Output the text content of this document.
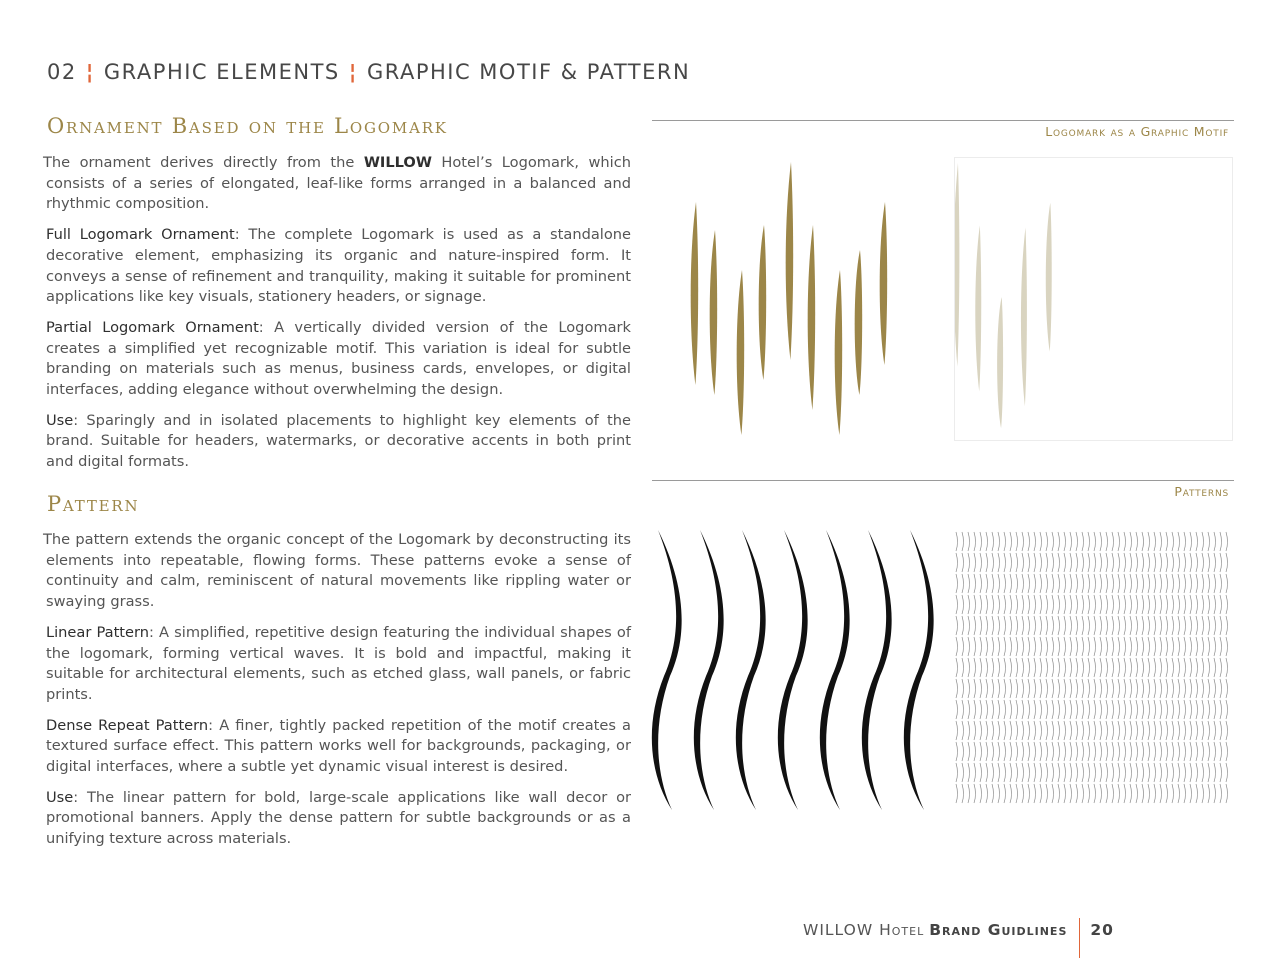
02 ¦ GRAPHIC ELEMENTS ¦ GRAPHIC MOTIF & PATTERN
Ornament Based on the Logomark

The ornament derives directly from the WILLOW Hotel’s Logomark, which consists of a series of elongated, leaf-like forms arranged in a balanced and rhythmic composition.

Full Logomark Ornament: The complete Logomark is used as a standalone decorative element, emphasizing its organic and nature-inspired form. It conveys a sense of refinement and tranquility, making it suitable for prominent applications like key visuals, stationery headers, or signage.

Partial Logomark Ornament: A vertically divided version of the Logomark creates a simplified yet recognizable motif. This variation is ideal for subtle branding on materials such as menus, business cards, envelopes, or digital interfaces, adding elegance without overwhelming the design.

Use: Sparingly and in isolated placements to highlight key elements of the brand. Suitable for headers, watermarks, or decorative accents in both print and digital formats.

Pattern

The pattern extends the organic concept of the Logomark by deconstructing its elements into repeatable, flowing forms. These patterns evoke a sense of continuity and calm, reminiscent of natural movements like rippling water or swaying grass.

Linear Pattern: A simplified, repetitive design featuring the individual shapes of the logomark, forming vertical waves. It is bold and impactful, making it suitable for architectural elements, such as etched glass, wall panels, or fabric prints.

Dense Repeat Pattern: A finer, tightly packed repetition of the motif creates a textured surface effect. This pattern works well for backgrounds, packaging, or digital interfaces, where a subtle yet dynamic visual interest is desired.

Use: The linear pattern for bold, large-scale applications like wall decor or promotional banners. Apply the dense pattern for subtle backgrounds or as a unifying texture across materials.

Logomark as a Graphic Motif
Patterns
WILLOW
Hotel Brand Guidlines 20
